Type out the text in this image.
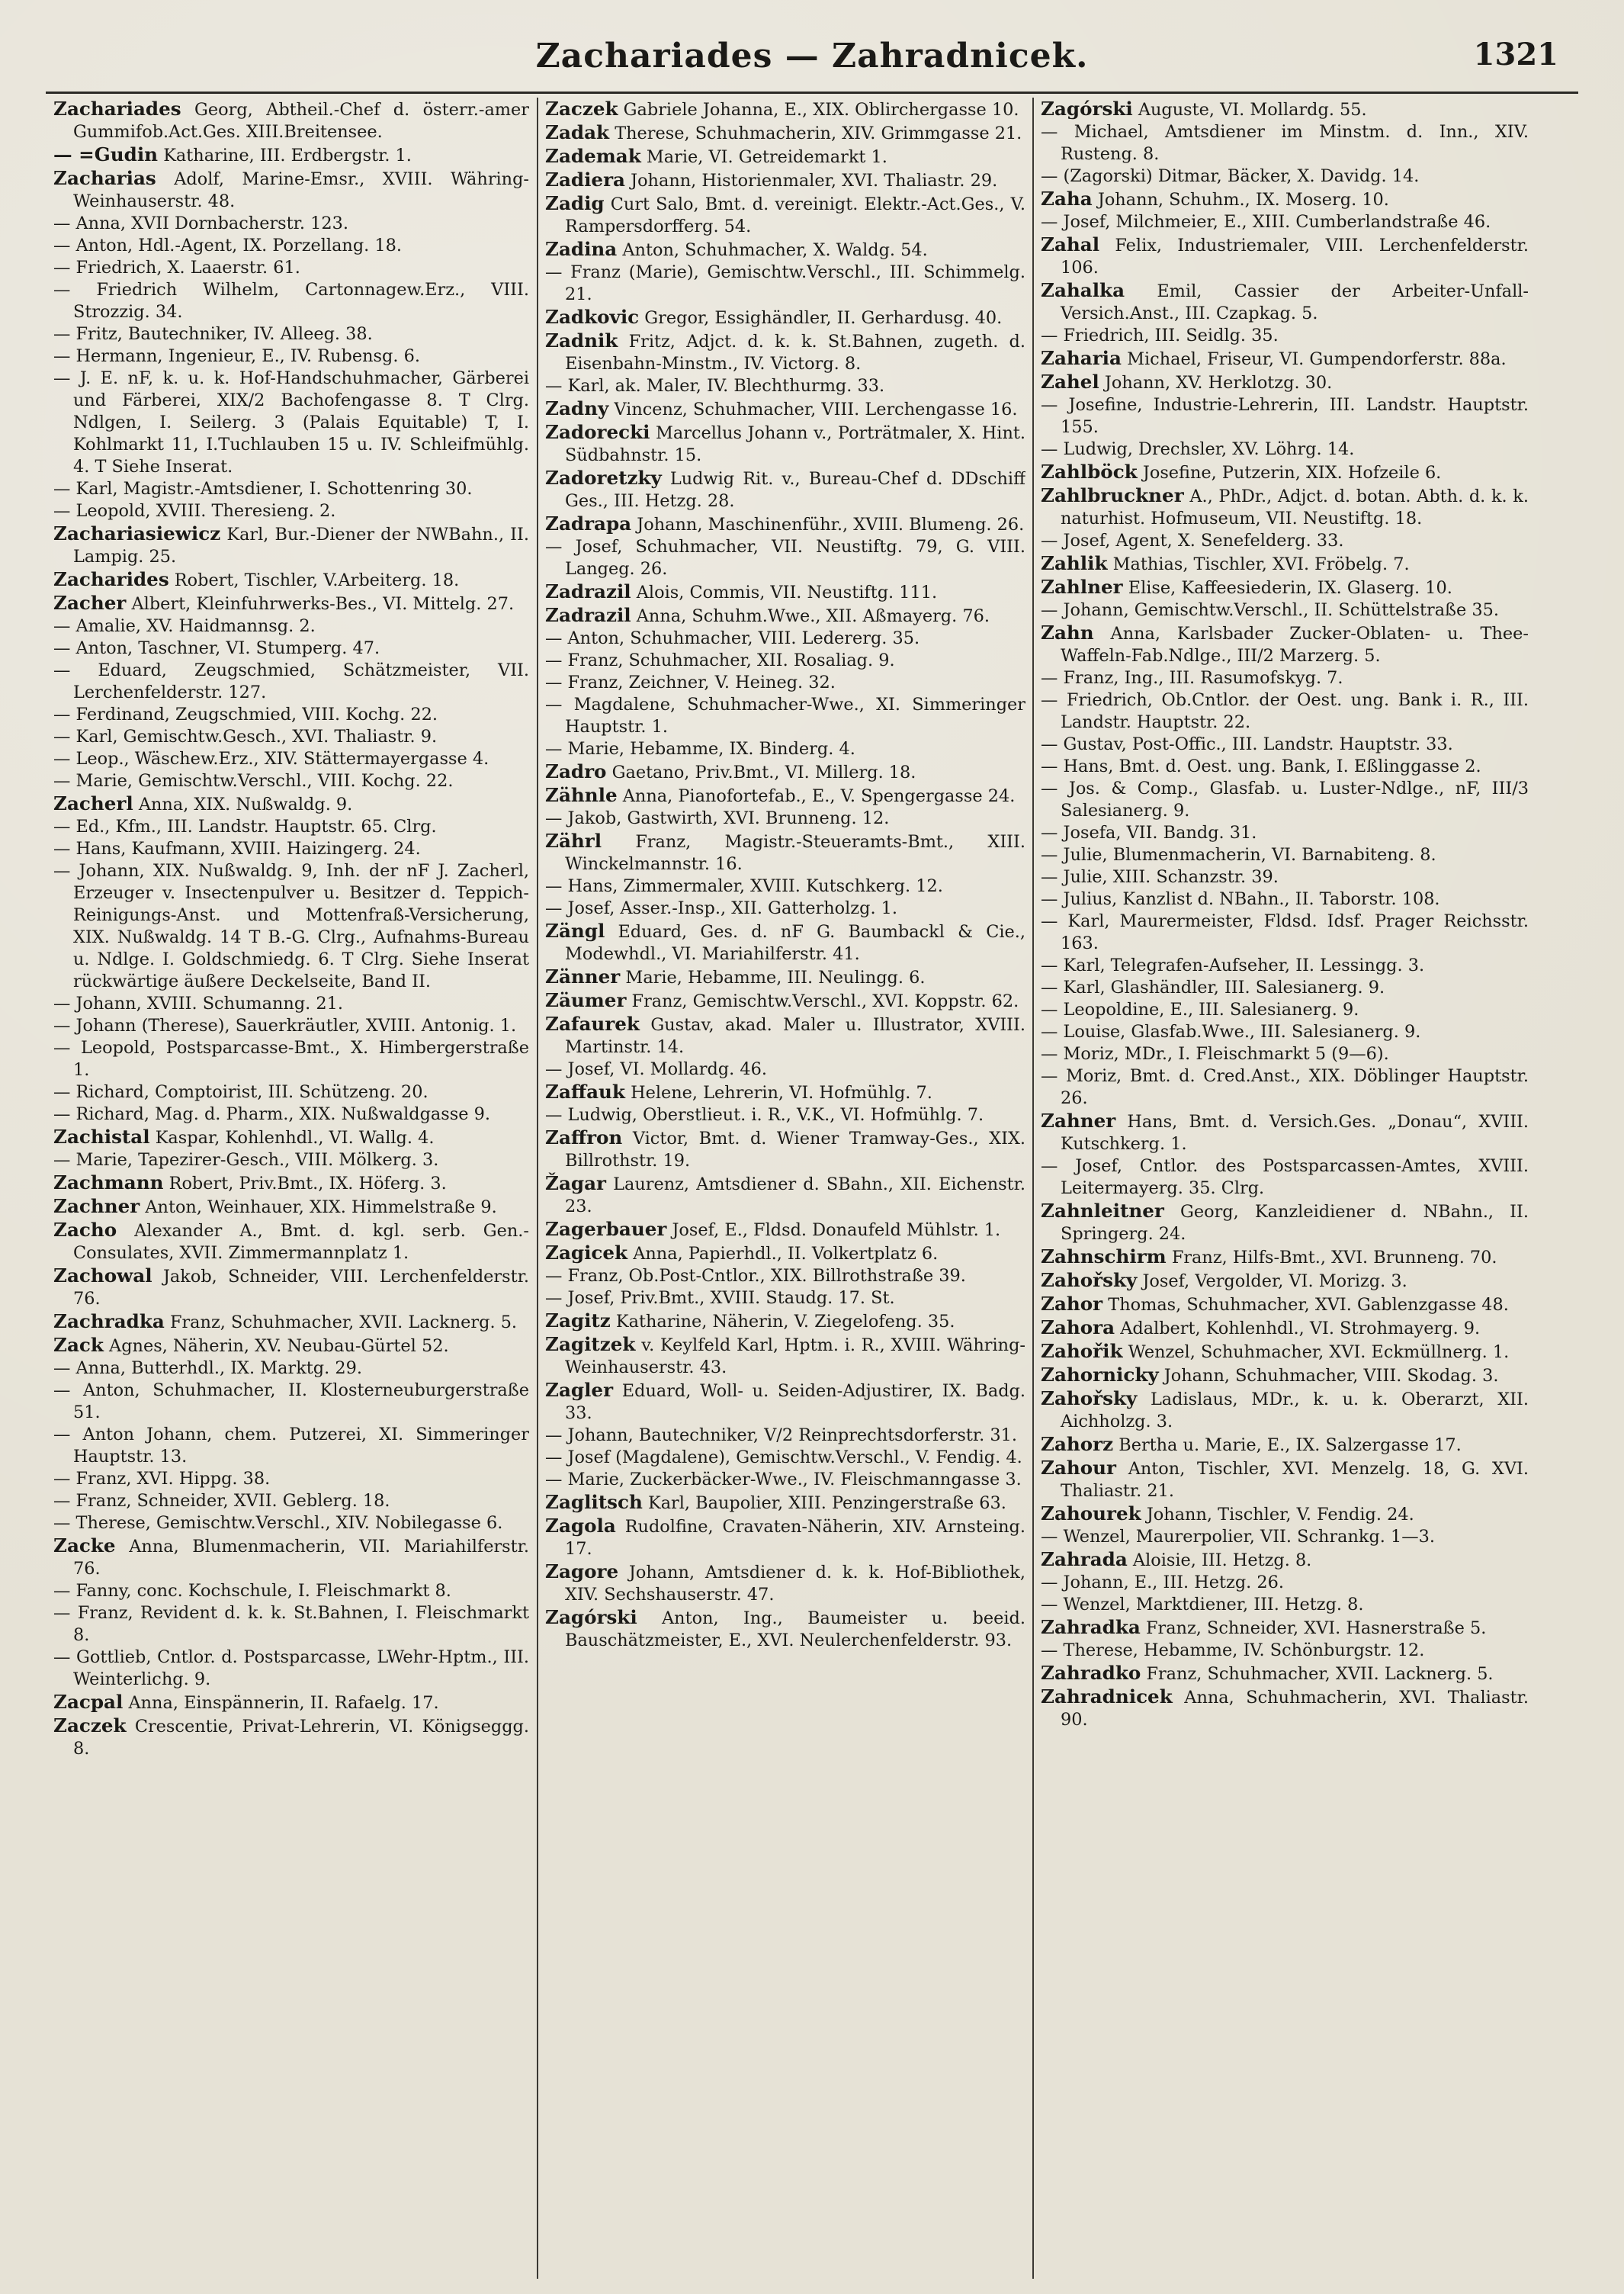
Zachariades — Zahradnicek.	1321
Zachariades Georg, Abtheil.-Chef d. österr.-amer Gummifob.Act.Ges. XIII.Breitensee.
— =Gudin Katharine, III. Erdbergstr. 1.
Zacharias Adolf, Marine-Emsr., XVIII. Währing-Weinhauserstr. 48.
— Anna, XVII Dornbacherstr. 123.
— Anton, Hdl.-Agent, IX. Porzellang. 18.
— Friedrich, X. Laaerstr. 61.
— Friedrich Wilhelm, Cartonnagew.Erz., VIII. Strozzig. 34.
— Fritz, Bautechniker, IV. Alleeg. 38.
— Hermann, Ingenieur, E., IV. Rubensg. 6.
— J. E. nF, k. u. k. Hof-Handschuhmacher, Gärberei und Färberei, XIX/2 Bachofengasse 8. T Clrg. Ndlgen, I. Seilerg. 3 (Palais Equitable) T, I. Kohlmarkt 11, I.Tuchlauben 15 u. IV. Schleifmühlg. 4. T Siehe Inserat.
— Karl, Magistr.-Amtsdiener, I. Schottenring 30.
— Leopold, XVIII. Theresieng. 2.
Zachariasiewicz Karl, Bur.-Diener der NWBahn., II. Lampig. 25.
Zacharides Robert, Tischler, V.Arbeiterg. 18.
Zacher Albert, Kleinfuhrwerks-Bes., VI. Mittelg. 27.
— Amalie, XV. Haidmannsg. 2.
— Anton, Taschner, VI. Stumperg. 47.
— Eduard, Zeugschmied, Schätzmeister, VII. Lerchenfelderstr. 127.
— Ferdinand, Zeugschmied, VIII. Kochg. 22.
— Karl, Gemischtw.Gesch., XVI. Thaliastr. 9.
— Leop., Wäschew.Erz., XIV. Stättermayergasse 4.
— Marie, Gemischtw.Verschl., VIII. Kochg. 22.
Zacherl Anna, XIX. Nußwaldg. 9.
— Ed., Kfm., III. Landstr. Hauptstr. 65. Clrg.
— Hans, Kaufmann, XVIII. Haizingerg. 24.
— Johann, XIX. Nußwaldg. 9, Inh. der nF J. Zacherl, Erzeuger v. Insectenpulver u. Besitzer d. Teppich-Reinigungs-Anst. und Mottenfraß-Versicherung, XIX. Nußwaldg. 14 T B.-G. Clrg., Aufnahms-Bureau u. Ndlge. I. Goldschmiedg. 6. T Clrg. Siehe Inserat rückwärtige äußere Deckelseite, Band II.
— Johann, XVIII. Schumanng. 21.
— Johann (Therese), Sauerkräutler, XVIII. Antonig. 1.
— Leopold, Postsparcasse-Bmt., X. Himbergerstraße 1.
— Richard, Comptoirist, III. Schützeng. 20.
— Richard, Mag. d. Pharm., XIX. Nußwaldgasse 9.
Zachistal Kaspar, Kohlenhdl., VI. Wallg. 4.
— Marie, Tapezirer-Gesch., VIII. Mölkerg. 3.
Zachmann Robert, Priv.Bmt., IX. Höferg. 3.
Zachner Anton, Weinhauer, XIX. Himmelstraße 9.
Zacho Alexander A., Bmt. d. kgl. serb. Gen.-Consulates, XVII. Zimmermannplatz 1.
Zachowal Jakob, Schneider, VIII. Lerchenfelderstr. 76.
Zachradka Franz, Schuhmacher, XVII. Lacknerg. 5.
Zack Agnes, Näherin, XV. Neubau-Gürtel 52.
— Anna, Butterhdl., IX. Marktg. 29.
— Anton, Schuhmacher, II. Klosterneuburgerstraße 51.
— Anton Johann, chem. Putzerei, XI. Simmeringer Hauptstr. 13.
— Franz, XVI. Hippg. 38.
— Franz, Schneider, XVII. Geblerg. 18.
— Therese, Gemischtw.Verschl., XIV. Nobilegasse 6.
Zacke Anna, Blumenmacherin, VII. Mariahilferstr. 76.
— Fanny, conc. Kochschule, I. Fleischmarkt 8.
— Franz, Revident d. k. k. St.Bahnen, I. Fleischmarkt 8.
— Gottlieb, Cntlor. d. Postsparcasse, LWehr-Hptm., III. Weinterlichg. 9.
Zacpal Anna, Einspännerin, II. Rafaelg. 17.
Zaczek Crescentie, Privat-Lehrerin, VI. Königseggg. 8.
Zaczek Gabriele Johanna, E., XIX. Oblirchergasse 10.
Zadak Therese, Schuhmacherin, XIV. Grimmgasse 21.
Zademak Marie, VI. Getreidemarkt 1.
Zadiera Johann, Historienmaler, XVI. Thaliastr. 29.
Zadig Curt Salo, Bmt. d. vereinigt. Elektr.-Act.Ges., V. Rampersdorfferg. 54.
Zadina Anton, Schuhmacher, X. Waldg. 54.
— Franz (Marie), Gemischtw.Verschl., III. Schimmelg. 21.
Zadkovic Gregor, Essighändler, II. Gerhardusg. 40.
Zadnik Fritz, Adjct. d. k. k. St.Bahnen, zugeth. d. Eisenbahn-Minstm., IV. Victorg. 8.
— Karl, ak. Maler, IV. Blechthurmg. 33.
Zadny Vincenz, Schuhmacher, VIII. Lerchengasse 16.
Zadorecki Marcellus Johann v., Porträtmaler, X. Hint. Südbahnstr. 15.
Zadoretzky Ludwig Rit. v., Bureau-Chef d. DDschiff Ges., III. Hetzg. 28.
Zadrapa Johann, Maschinenführ., XVIII. Blumeng. 26.
— Josef, Schuhmacher, VII. Neustiftg. 79, G. VIII. Langeg. 26.
Zadrazil Alois, Commis, VII. Neustiftg. 111.
Zadrazil Anna, Schuhm.Wwe., XII. Aßmayerg. 76.
— Anton, Schuhmacher, VIII. Ledererg. 35.
— Franz, Schuhmacher, XII. Rosaliag. 9.
— Franz, Zeichner, V. Heineg. 32.
— Magdalene, Schuhmacher-Wwe., XI. Simmeringer Hauptstr. 1.
— Marie, Hebamme, IX. Binderg. 4.
Zadro Gaetano, Priv.Bmt., VI. Millerg. 18.
Zähnle Anna, Pianofortefab., E., V. Spengergasse 24.
— Jakob, Gastwirth, XVI. Brunneng. 12.
Zährl Franz, Magistr.-Steueramts-Bmt., XIII. Winckelmannstr. 16.
— Hans, Zimmermaler, XVIII. Kutschkerg. 12.
— Josef, Asser.-Insp., XII. Gatterholzg. 1.
Zängl Eduard, Ges. d. nF G. Baumbackl & Cie., Modewhdl., VI. Mariahilferstr. 41.
Zänner Marie, Hebamme, III. Neulingg. 6.
Zäumer Franz, Gemischtw.Verschl., XVI. Koppstr. 62.
Zafaurek Gustav, akad. Maler u. Illustrator, XVIII. Martinstr. 14.
— Josef, VI. Mollardg. 46.
Zaffauk Helene, Lehrerin, VI. Hofmühlg. 7.
— Ludwig, Oberstlieut. i. R., V.K., VI. Hofmühlg. 7.
Zaffron Victor, Bmt. d. Wiener Tramway-Ges., XIX. Billrothstr. 19.
Žagar Laurenz, Amtsdiener d. SBahn., XII. Eichenstr. 23.
Zagerbauer Josef, E., Fldsd. Donaufeld Mühlstr. 1.
Zagicek Anna, Papierhdl., II. Volkertplatz 6.
— Franz, Ob.Post-Cntlor., XIX. Billrothstraße 39.
— Josef, Priv.Bmt., XVIII. Staudg. 17. St.
Zagitz Katharine, Näherin, V. Ziegelofeng. 35.
Zagitzek v. Keylfeld Karl, Hptm. i. R., XVIII. Währing-Weinhauserstr. 43.
Zagler Eduard, Woll- u. Seiden-Adjustirer, IX. Badg. 33.
— Johann, Bautechniker, V/2 Reinprechtsdorferstr. 31.
— Josef (Magdalene), Gemischtw.Verschl., V. Fendig. 4.
— Marie, Zuckerbäcker-Wwe., IV. Fleischmanngasse 3.
Zaglitsch Karl, Baupolier, XIII. Penzingerstraße 63.
Zagola Rudolfine, Cravaten-Näherin, XIV. Arnsteing. 17.
Zagore Johann, Amtsdiener d. k. k. Hof-Bibliothek, XIV. Sechshauserstr. 47.
Zagórski Anton, Ing., Baumeister u. beeid. Bauschätzmeister, E., XVI. Neulerchenfelderstr. 93.
Zagórski Auguste, VI. Mollardg. 55.
— Michael, Amtsdiener im Minstm. d. Inn., XIV. Rusteng. 8.
— (Zagorski) Ditmar, Bäcker, X. Davidg. 14.
Zaha Johann, Schuhm., IX. Moserg. 10.
— Josef, Milchmeier, E., XIII. Cumberlandstraße 46.
Zahal Felix, Industriemaler, VIII. Lerchenfelderstr. 106.
Zahalka Emil, Cassier der Arbeiter-Unfall-Versich.Anst., III. Czapkag. 5.
— Friedrich, III. Seidlg. 35.
Zaharia Michael, Friseur, VI. Gumpendorferstr. 88a.
Zahel Johann, XV. Herklotzg. 30.
— Josefine, Industrie-Lehrerin, III. Landstr. Hauptstr. 155.
— Ludwig, Drechsler, XV. Löhrg. 14.
Zahlböck Josefine, Putzerin, XIX. Hofzeile 6.
Zahlbruckner A., PhDr., Adjct. d. botan. Abth. d. k. k. naturhist. Hofmuseum, VII. Neustiftg. 18.
— Josef, Agent, X. Senefelderg. 33.
Zahlik Mathias, Tischler, XVI. Fröbelg. 7.
Zahlner Elise, Kaffeesiederin, IX. Glaserg. 10.
— Johann, Gemischtw.Verschl., II. Schüttelstraße 35.
Zahn Anna, Karlsbader Zucker-Oblaten- u. Thee-Waffeln-Fab.Ndlge., III/2 Marzerg. 5.
— Franz, Ing., III. Rasumofskyg. 7.
— Friedrich, Ob.Cntlor. der Oest. ung. Bank i. R., III. Landstr. Hauptstr. 22.
— Gustav, Post-Offic., III. Landstr. Hauptstr. 33.
— Hans, Bmt. d. Oest. ung. Bank, I. Eßlinggasse 2.
— Jos. & Comp., Glasfab. u. Luster-Ndlge., nF, III/3 Salesianerg. 9.
— Josefa, VII. Bandg. 31.
— Julie, Blumenmacherin, VI. Barnabiteng. 8.
— Julie, XIII. Schanzstr. 39.
— Julius, Kanzlist d. NBahn., II. Taborstr. 108.
— Karl, Maurermeister, Fldsd. Idsf. Prager Reichsstr. 163.
— Karl, Telegrafen-Aufseher, II. Lessingg. 3.
— Karl, Glashändler, III. Salesianerg. 9.
— Leopoldine, E., III. Salesianerg. 9.
— Louise, Glasfab.Wwe., III. Salesianerg. 9.
— Moriz, MDr., I. Fleischmarkt 5 (9—6).
— Moriz, Bmt. d. Cred.Anst., XIX. Döblinger Hauptstr. 26.
Zahner Hans, Bmt. d. Versich.Ges. „Donau“, XVIII. Kutschkerg. 1.
— Josef, Cntlor. des Postsparcassen-Amtes, XVIII. Leitermayerg. 35. Clrg.
Zahnleitner Georg, Kanzleidiener d. NBahn., II. Springerg. 24.
Zahnschirm Franz, Hilfs-Bmt., XVI. Brunneng. 70.
Zahořsky Josef, Vergolder, VI. Morizg. 3.
Zahor Thomas, Schuhmacher, XVI. Gablenzgasse 48.
Zahora Adalbert, Kohlenhdl., VI. Strohmayerg. 9.
Zahořik Wenzel, Schuhmacher, XVI. Eckmüllnerg. 1.
Zahornicky Johann, Schuhmacher, VIII. Skodag. 3.
Zahořsky Ladislaus, MDr., k. u. k. Oberarzt, XII. Aichholzg. 3.
Zahorz Bertha u. Marie, E., IX. Salzergasse 17.
Zahour Anton, Tischler, XVI. Menzelg. 18, G. XVI. Thaliastr. 21.
Zahourek Johann, Tischler, V. Fendig. 24.
— Wenzel, Maurerpolier, VII. Schrankg. 1—3.
Zahrada Aloisie, III. Hetzg. 8.
— Johann, E., III. Hetzg. 26.
— Wenzel, Marktdiener, III. Hetzg. 8.
Zahradka Franz, Schneider, XVI. Hasnerstraße 5.
— Therese, Hebamme, IV. Schönburgstr. 12.
Zahradko Franz, Schuhmacher, XVII. Lacknerg. 5.
Zahradnicek Anna, Schuhmacherin, XVI. Thaliastr. 90.
